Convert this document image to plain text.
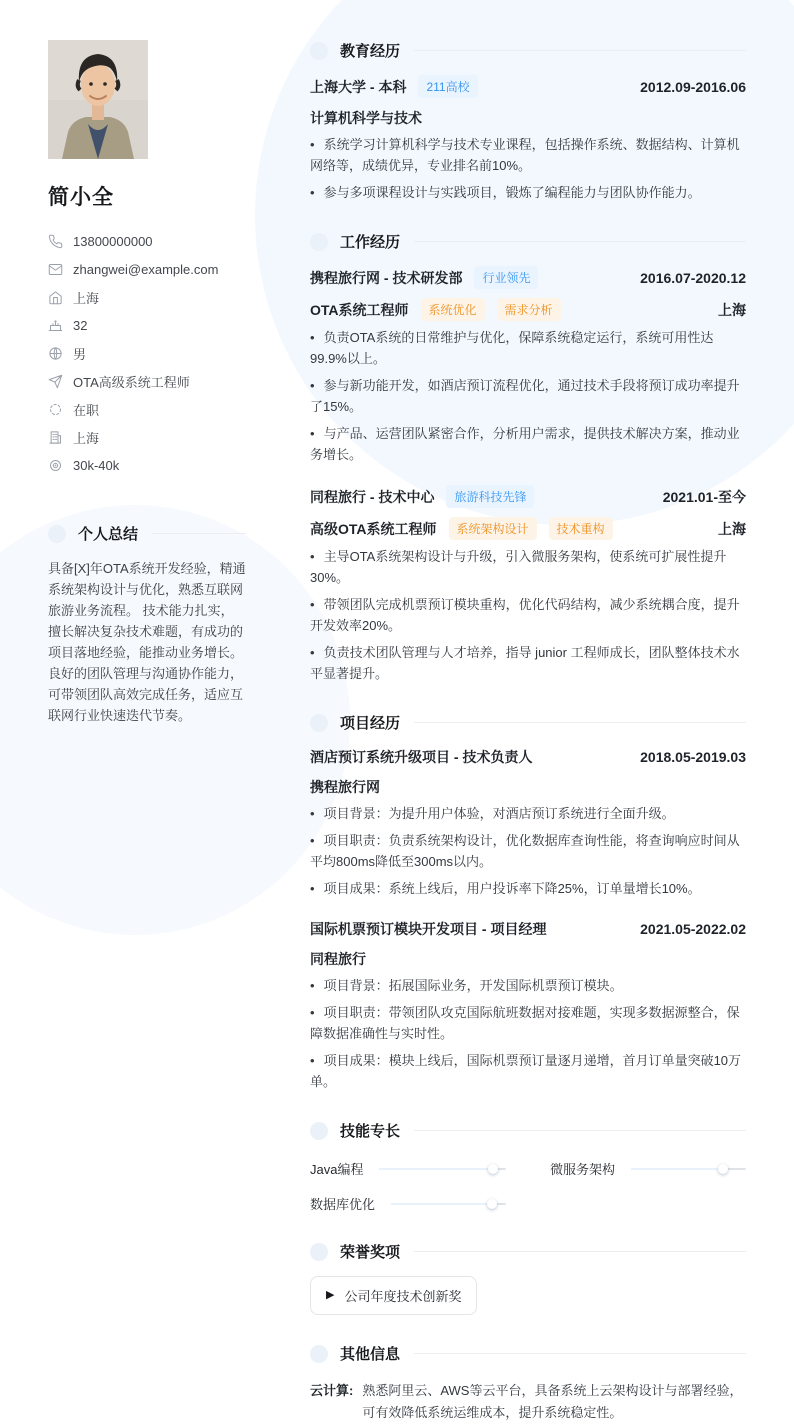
简小全
13800000000
zhangwei@example.com
上海
32
男
OTA高级系统工程师
在职
上海
30k-40k
个人总结
具备[X]年OTA系统开发经验，精通系统架构设计与优化，熟悉互联网旅游业务流程。 技术能力扎实，擅长解决复杂技术难题，有成功的项目落地经验，能推动业务增长。 良好的团队管理与沟通协作能力，可带领团队高效完成任务，适应互联网行业快速迭代节奏。
教育经历
上海大学 - 本科	211高校	2012.09-2016.06
计算机科学与技术
• 系统学习计算机科学与技术专业课程，包括操作系统、数据结构、计算机网络等，成绩优异，专业排名前10%。
• 参与多项课程设计与实践项目，锻炼了编程能力与团队协作能力。
工作经历
携程旅行网 - 技术研发部	行业领先	2016.07-2020.12
OTA系统工程师	系统优化	需求分析	上海
• 负责OTA系统的日常维护与优化，保障系统稳定运行，系统可用性达99.9%以上。
• 参与新功能开发，如酒店预订流程优化，通过技术手段将预订成功率提升了15%。
• 与产品、运营团队紧密合作，分析用户需求，提供技术解决方案，推动业务增长。
同程旅行 - 技术中心	旅游科技先锋	2021.01-至今
高级OTA系统工程师	系统架构设计	技术重构	上海
• 主导OTA系统架构设计与升级，引入微服务架构，使系统可扩展性提升30%。
• 带领团队完成机票预订模块重构，优化代码结构，减少系统耦合度，提升开发效率20%。
• 负责技术团队管理与人才培养，指导 junior 工程师成长，团队整体技术水平显著提升。
项目经历
酒店预订系统升级项目 - 技术负责人	2018.05-2019.03
携程旅行网
• 项目背景：为提升用户体验，对酒店预订系统进行全面升级。
• 项目职责：负责系统架构设计，优化数据库查询性能，将查询响应时间从平均800ms降低至300ms以内。
• 项目成果：系统上线后，用户投诉率下降25%，订单量增长10%。
国际机票预订模块开发项目 - 项目经理	2021.05-2022.02
同程旅行
• 项目背景：拓展国际业务，开发国际机票预订模块。
• 项目职责：带领团队攻克国际航班数据对接难题，实现多数据源整合，保障数据准确性与实时性。
• 项目成果：模块上线后，国际机票预订量逐月递增，首月订单量突破10万单。
技能专长
Java编程	微服务架构
数据库优化
荣誉奖项
▶ 公司年度技术创新奖
其他信息
云计算: 熟悉阿里云、AWS等云平台，具备系统上云架构设计与部署经验，可有效降低系统运维成本，提升系统稳定性。
